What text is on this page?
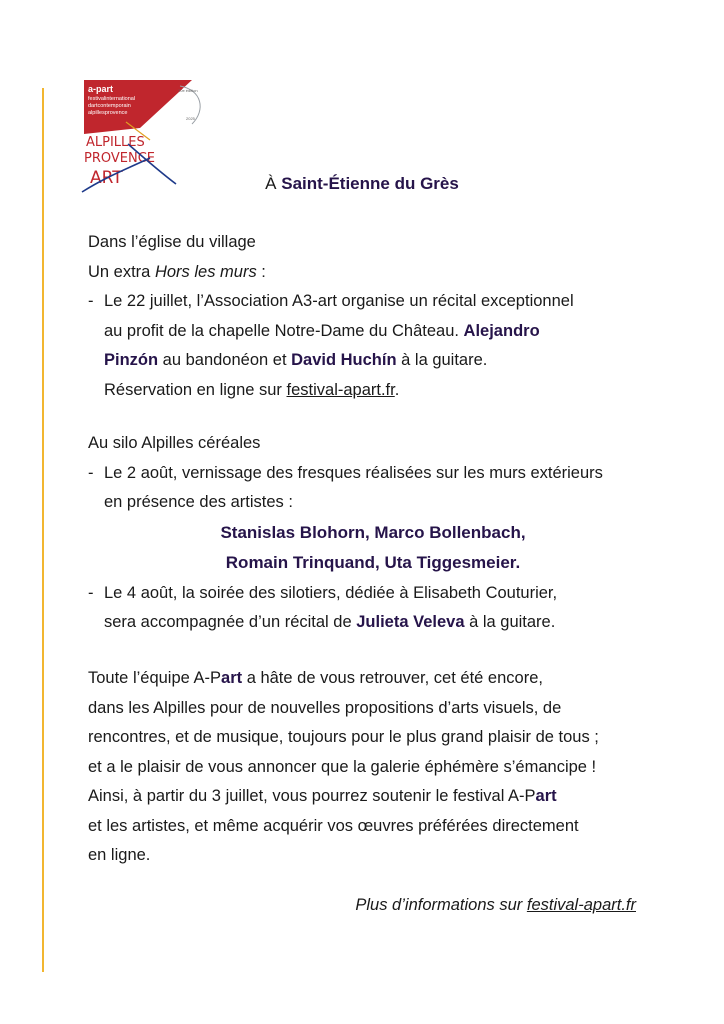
a-part
festivalinternational
dartcontemporain
alpillesprovence
10e édition
2025
ALPILLES
PROVENCE
ART	À Saint-Étienne du Grès
Dans l’église du village
Un extra Hors les murs :
- Le 22 juillet, l’Association A3-art organise un récital exceptionnel
au profit de la chapelle Notre-Dame du Château. Alejandro
Pinzón au bandonéon et David Huchín à la guitare.
Réservation en ligne sur festival-apart.fr.
Au silo Alpilles céréales
- Le 2 août, vernissage des fresques réalisées sur les murs extérieurs
en présence des artistes :
Stanislas Blohorn, Marco Bollenbach,
Romain Trinquand, Uta Tiggesmeier.
- Le 4 août, la soirée des silotiers, dédiée à Elisabeth Couturier,
sera accompagnée d’un récital de Julieta Veleva à la guitare.
Toute l’équipe A-Part a hâte de vous retrouver, cet été encore,
dans les Alpilles pour de nouvelles propositions d’arts visuels, de
rencontres, et de musique, toujours pour le plus grand plaisir de tous ;
et a le plaisir de vous annoncer que la galerie éphémère s’émancipe !
Ainsi, à partir du 3 juillet, vous pourrez soutenir le festival A-Part
et les artistes, et même acquérir vos œuvres préférées directement
en ligne.
Plus d’informations sur festival-apart.fr
